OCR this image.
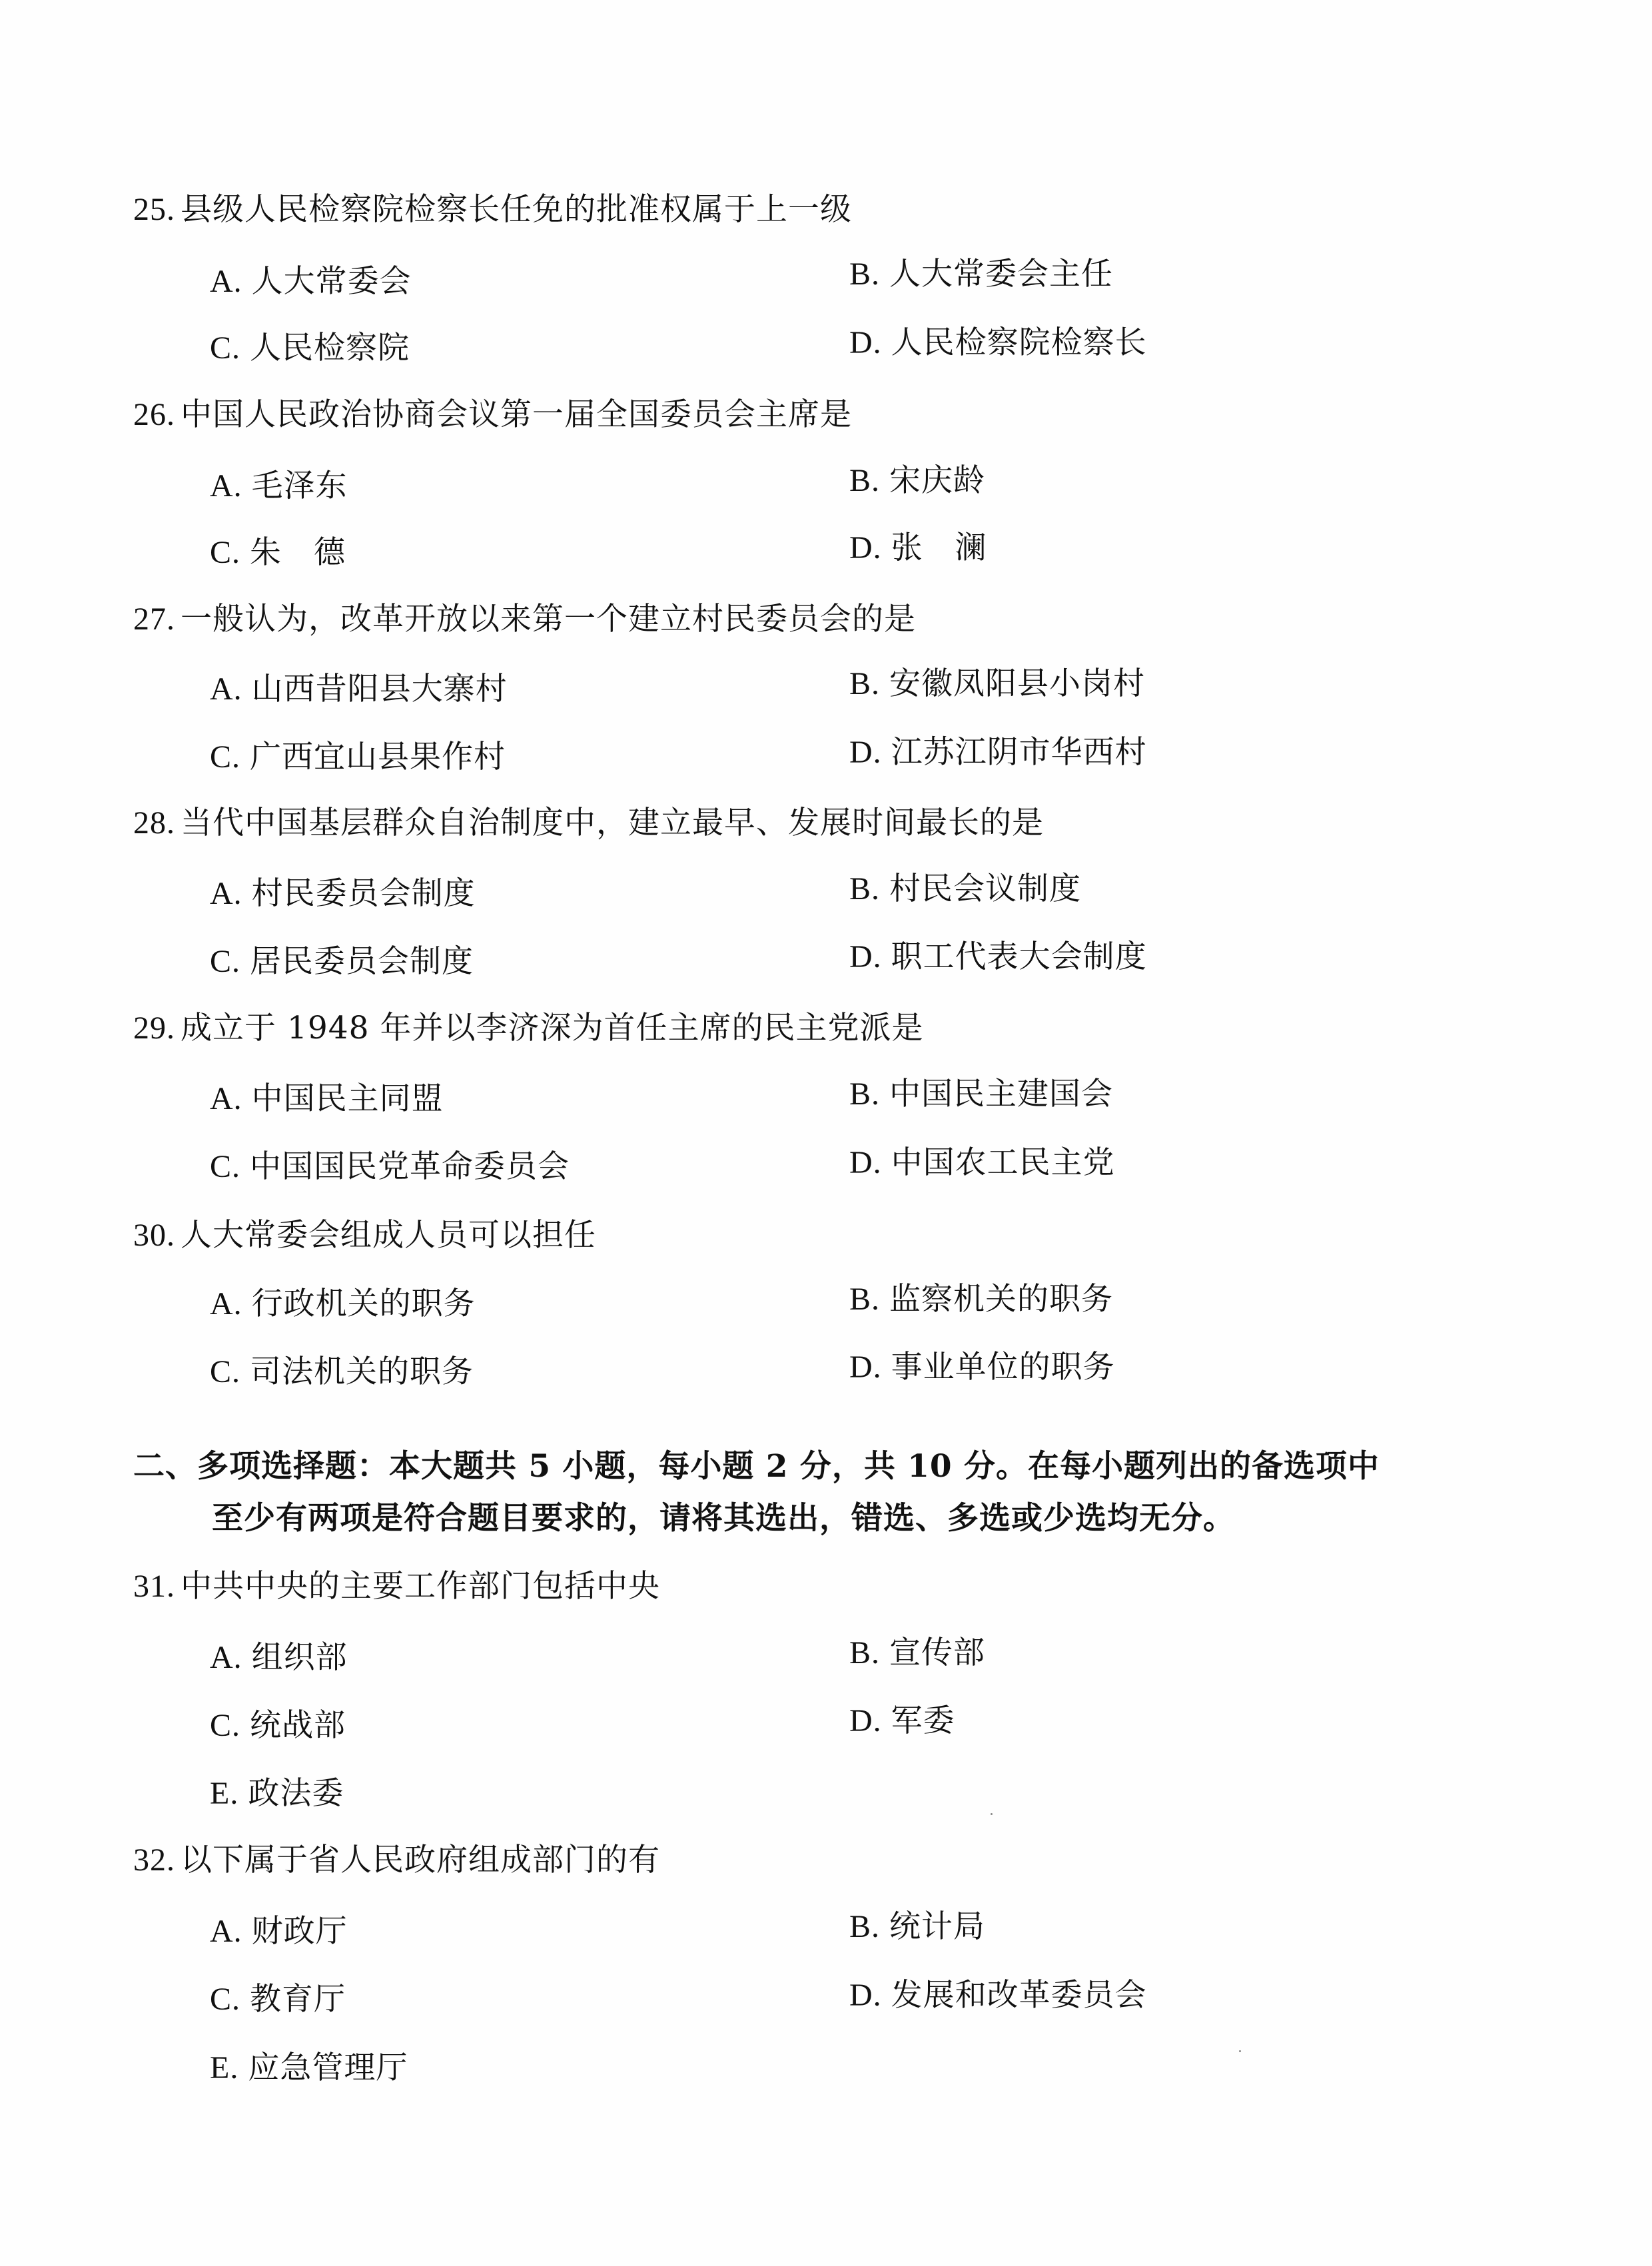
25. 县级人民检察院检察长任免的批准权属于上一级
A. 人大常委会	B. 人大常委会主任
C. 人民检察院	D. 人民检察院检察长
26. 中国人民政治协商会议第一届全国委员会主席是
A. 毛泽东	B. 宋庆龄
C. 朱　德	D. 张　澜
27. 一般认为，改革开放以来第一个建立村民委员会的是
A. 山西昔阳县大寨村	B. 安徽凤阳县小岗村
C. 广西宜山县果作村	D. 江苏江阴市华西村
28. 当代中国基层群众自治制度中，建立最早、发展时间最长的是
A. 村民委员会制度	B. 村民会议制度
C. 居民委员会制度	D. 职工代表大会制度
29. 成立于 1948 年并以李济深为首任主席的民主党派是
A. 中国民主同盟	B. 中国民主建国会
C. 中国国民党革命委员会	D. 中国农工民主党
30. 人大常委会组成人员可以担任
A. 行政机关的职务	B. 监察机关的职务
C. 司法机关的职务	D. 事业单位的职务
二、多项选择题：本大题共 5 小题，每小题 2 分，共 10 分。在每小题列出的备选项中
至少有两项是符合题目要求的，请将其选出，错选、多选或少选均无分。
31. 中共中央的主要工作部门包括中央
A. 组织部	B. 宣传部
C. 统战部	D. 军委
E. 政法委
32. 以下属于省人民政府组成部门的有
A. 财政厅	B. 统计局
C. 教育厅	D. 发展和改革委员会
E. 应急管理厅
